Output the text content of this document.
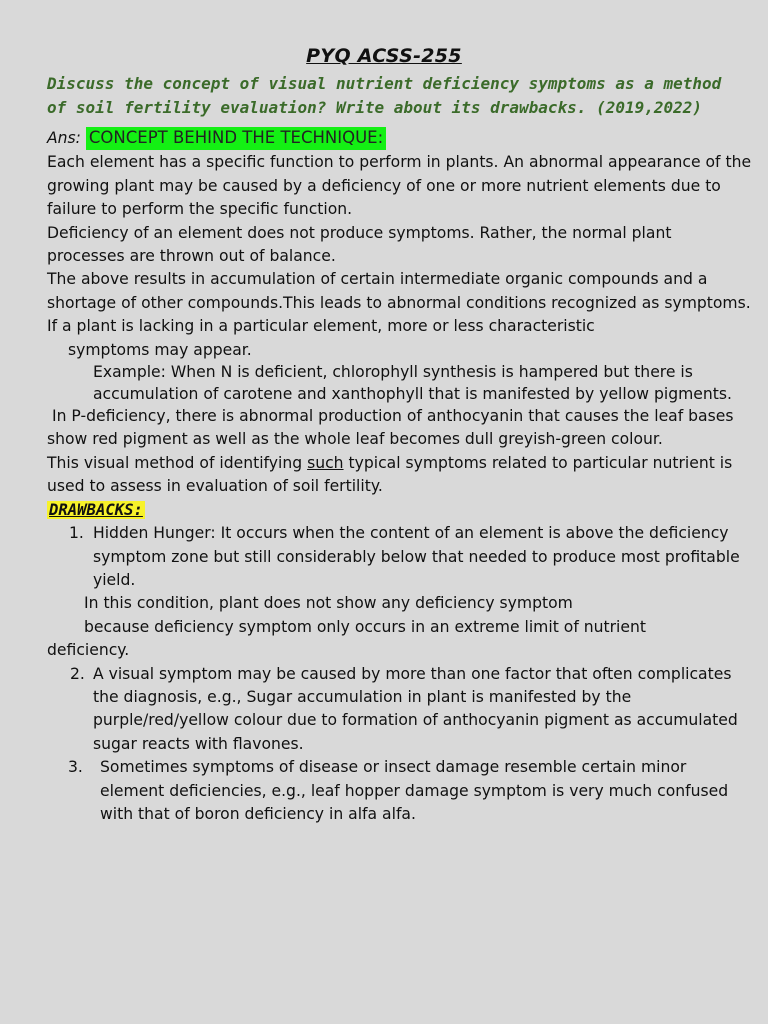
PYQ ACSS-255
Discuss the concept of visual nutrient deficiency symptoms as a method of soil fertility evaluation? Write about its drawbacks. (2019,2022)

Ans: CONCEPT BEHIND THE TECHNIQUE:

Each element has a specific function to perform in plants. An abnormal appearance of the growing plant may be caused by a deficiency of one or more nutrient elements due to failure to perform the specific function.

Deficiency of an element does not produce symptoms. Rather, the normal plant processes are thrown out of balance.

The above results in accumulation of certain intermediate organic compounds and a shortage of other compounds.This leads to abnormal conditions recognized as symptoms.

If a plant is lacking in a particular element, more or less characteristic

symptoms may appear.

Example: When N is deficient, chlorophyll synthesis is hampered but there is accumulation of carotene and xanthophyll that is manifested by yellow pigments.

In P-deficiency, there is abnormal production of anthocyanin that causes the leaf bases show red pigment as well as the whole leaf becomes dull greyish-green colour.

This visual method of identifying such typical symptoms related to particular nutrient is used to assess in evaluation of soil fertility.

DRAWBACKS:

1. Hidden Hunger: It occurs when the content of an element is above the deficiency symptom zone but still considerably below that needed to produce most profitable yield.

In this condition, plant does not show any deficiency symptom

because deficiency symptom only occurs in an extreme limit of nutrient

deficiency.

2. A visual symptom may be caused by more than one factor that often complicates the diagnosis, e.g., Sugar accumulation in plant is manifested by the purple/red/yellow colour due to formation of anthocyanin pigment as accumulated sugar reacts with flavones.

3. Sometimes symptoms of disease or insect damage resemble certain minor element deficiencies, e.g., leaf hopper damage symptom is very much confused with that of boron deficiency in alfa alfa.
